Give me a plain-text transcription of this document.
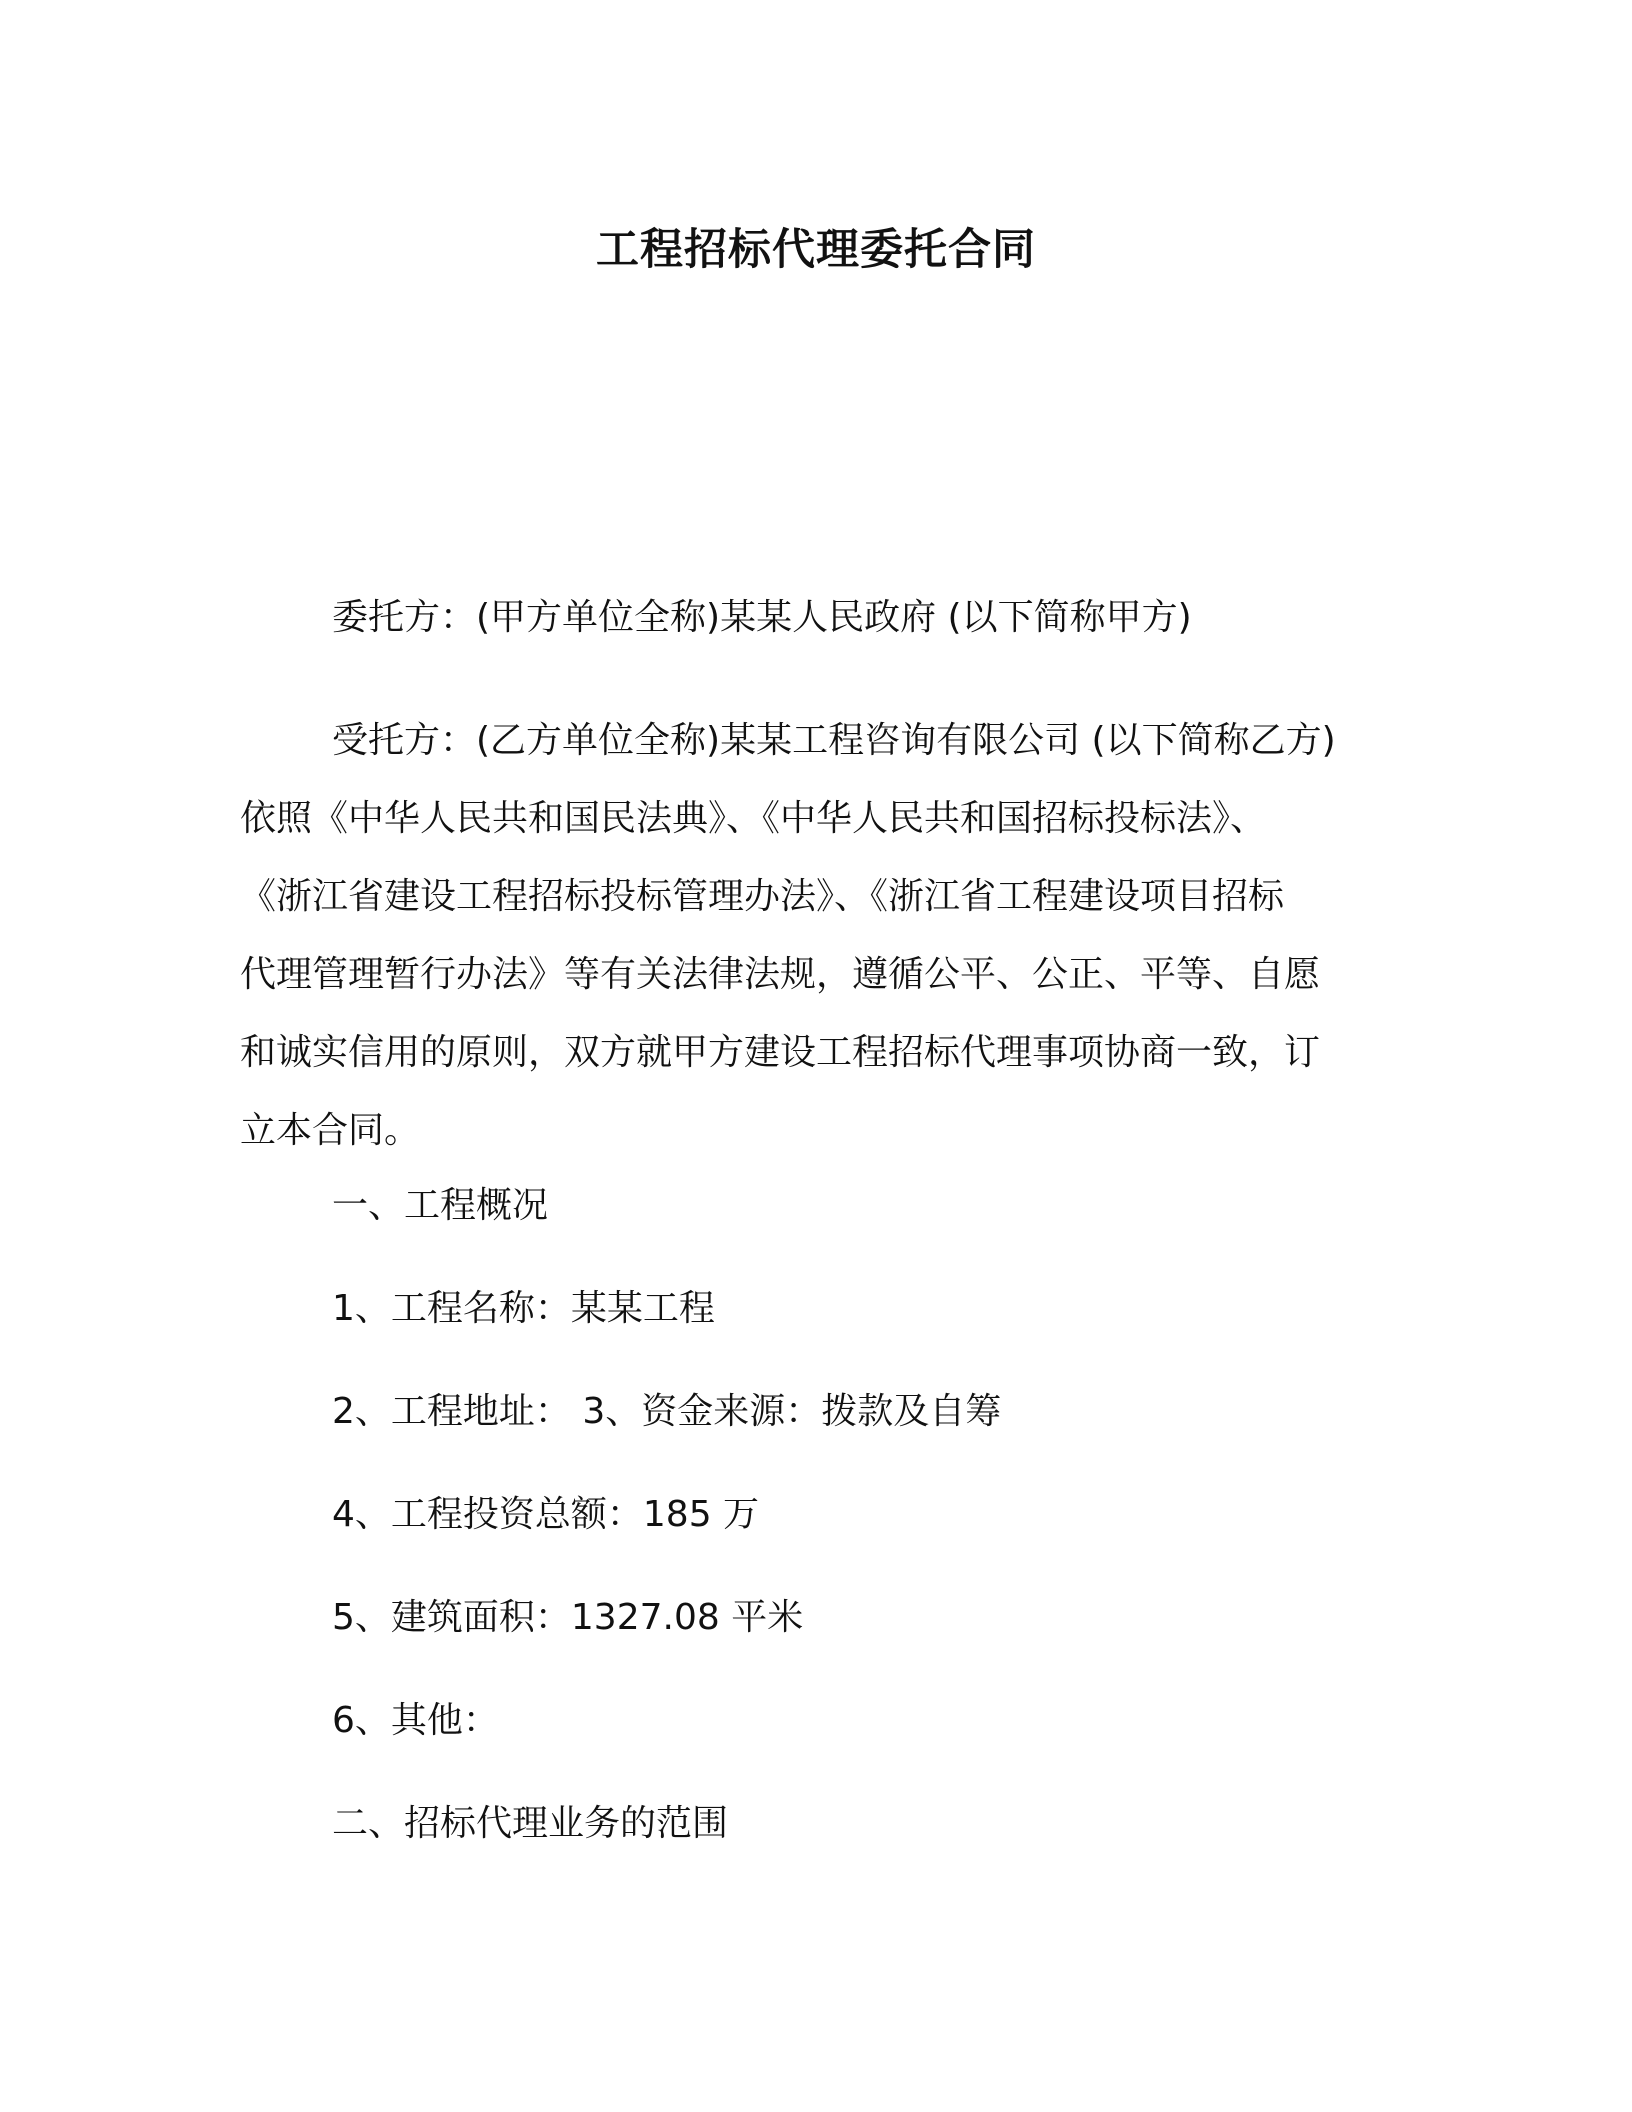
工程招标代理委托合同
委托方：(甲方单位全称)某某人民政府 (以下简称甲方)
受托方：(乙方单位全称)某某工程咨询有限公司 (以下简称乙方)
依照《中华人民共和国民法典》、《中华人民共和国招标投标法》、
《浙江省建设工程招标投标管理办法》、《浙江省工程建设项目招标
代理管理暂行办法》等有关法律法规，遵循公平、公正、平等、自愿
和诚实信用的原则，双方就甲方建设工程招标代理事项协商一致，订
立本合同。
一、工程概况
1、工程名称：某某工程
2、工程地址： 3、资金来源：拨款及自筹
4、工程投资总额：185 万
5、建筑面积：1327.08 平米
6、其他：
二、招标代理业务的范围
